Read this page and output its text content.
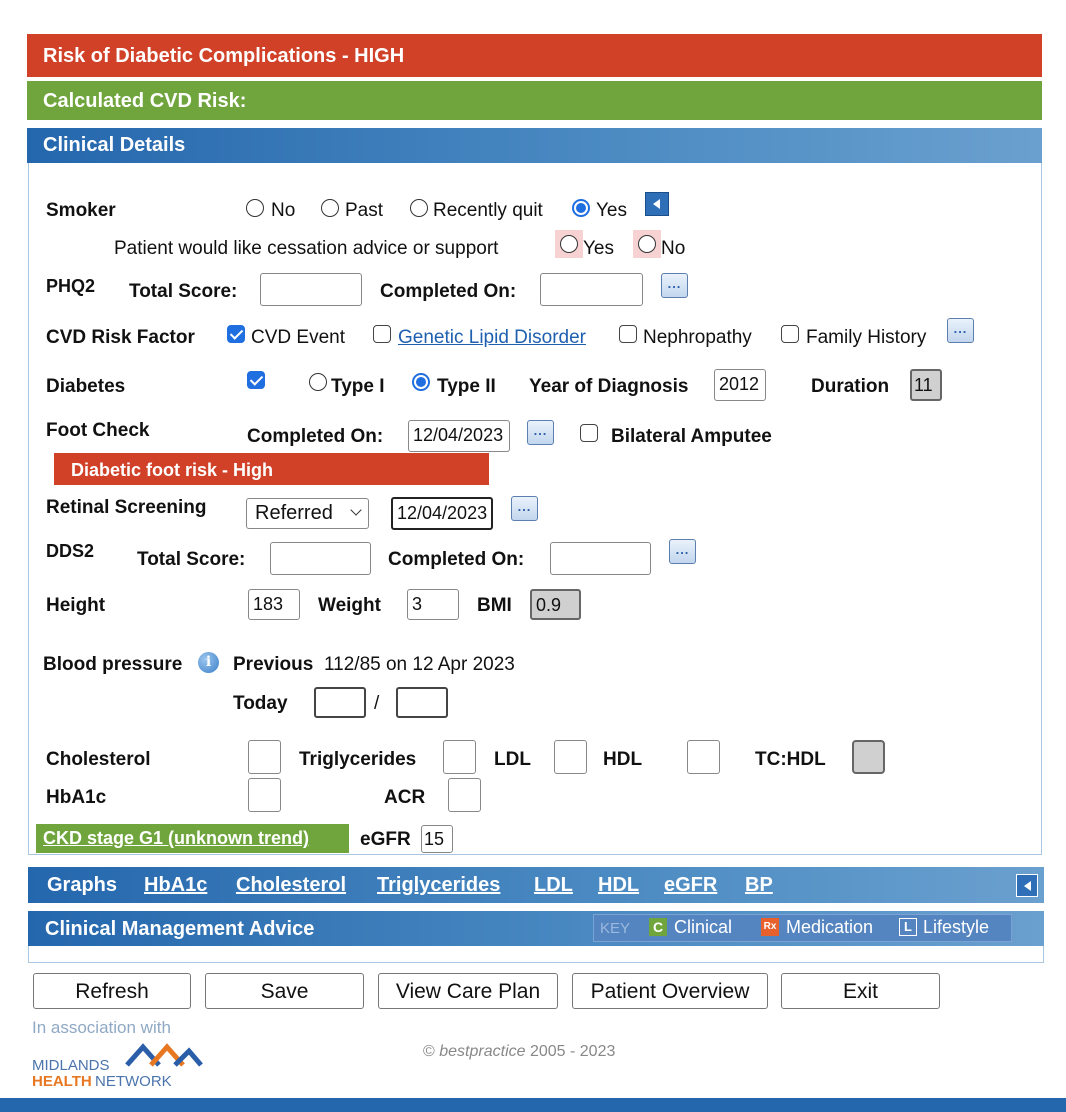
Risk of Diabetic Complications - HIGH
Calculated CVD Risk:
Clinical Details
Smoker	No	Past	Recently quit	Yes
Patient would like cessation advice or support	Yes No
PHQ2 Total Score:	Completed On:
...
CVD Risk Factor	CVD Event	Genetic Lipid Disorder	Nephropathy	Family History
...
Diabetes	Type I	Type II Year of Diagnosis 2012	Duration 11
Foot Check	Completed On: 12/04/2023
...	Bilateral Amputee
Diabetic foot risk - High
Retinal Screening	Referred	12/04/2023
...
DDS2 Total Score:	Completed On:
...
Height	183	Weight 3	BMI	0.9
Blood pressure	i	Previous 112/85 on 12 Apr 2023
Today	/
Cholesterol	Triglycerides	LDL	HDL	TC:HDL
HbA1c	ACR
CKD stage G1 (unknown trend)	eGFR 15
Graphs HbA1c Cholesterol Triglycerides LDL HDL eGFR BP
Clinical Management Advice	KEY C Clinical	Rx Medication	L Lifestyle
Refresh	Save	View Care Plan	Patient Overview	Exit
In association with
MIDLANDS
HEALTH NETWORK
© bestpractice 2005 - 2023
